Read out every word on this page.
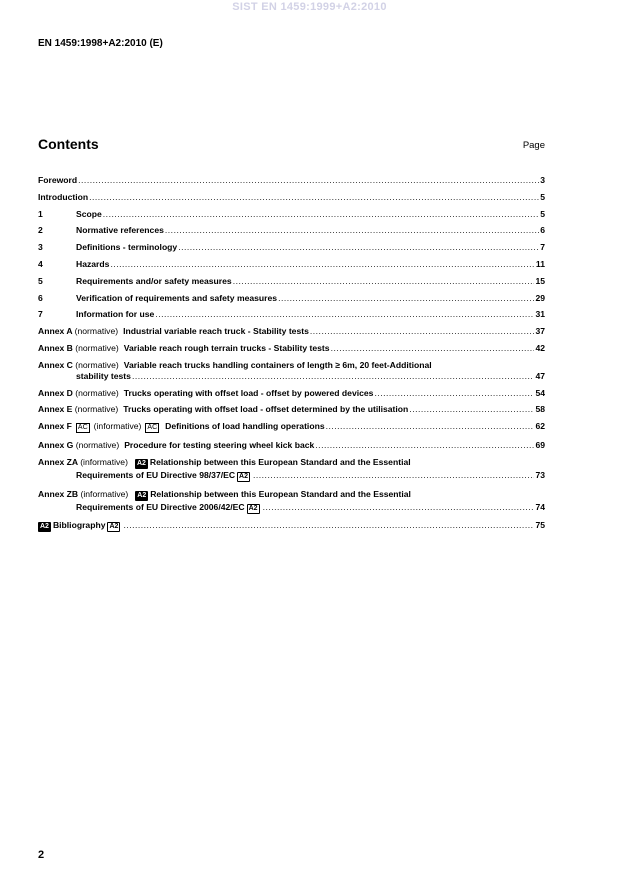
SIST EN 1459:1999+A2:2010
EN 1459:1998+A2:2010 (E)
Contents	Page
Foreword .....	3
Introduction .....	5
1	Scope .....	5
2	Normative references .....	6
3	Definitions - terminology .....	7
4	Hazards .....	11
5	Requirements and/or safety measures .....	15
6	Verification of requirements and safety measures .....	29
7	Information for use .....	31
Annex A (normative) Industrial variable reach truck - Stability tests .....	37
Annex B (normative) Variable reach rough terrain trucks - Stability tests .....	42
Annex C (normative) Variable reach trucks handling containers of length ≥ 6m, 20 feet-Additional
stability tests .....	47
Annex D (normative) Trucks operating with offset load - offset by powered devices .....	54
Annex E (normative) Trucks operating with offset load - offset determined by the utilisation .....	58
Annex F AC (informative) AC Definitions of load handling operations .....	62
Annex G (normative) Procedure for testing steering wheel kick back .....	69
Annex ZA (informative)	A2 Relationship between this European Standard and the Essential
Requirements of EU Directive 98/37/EC A2 .....	73
Annex ZB (informative)	A2 Relationship between this European Standard and the Essential
Requirements of EU Directive 2006/42/EC A2 .....	74
A2 Bibliography A2 .....	75
2
